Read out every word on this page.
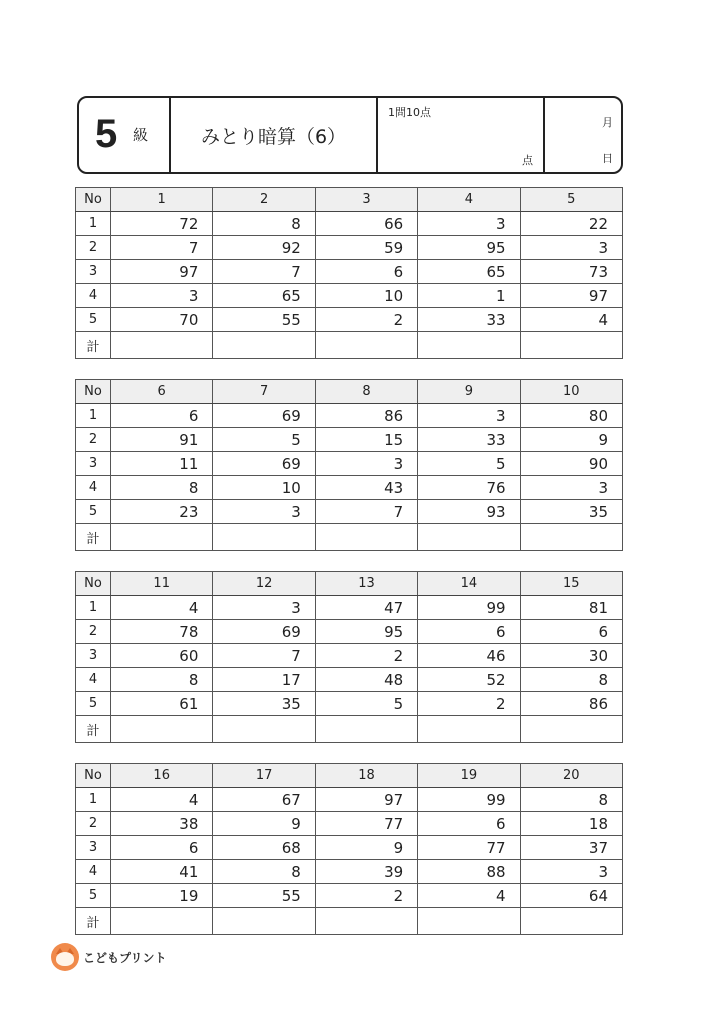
5 級	みとり暗算（6）
1問10点
点
月
日
No	1	2	3	4	5
1	72	8	66	3	22
2	7	92	59	95	3
3	97	7	6	65	73
4	3	65	10	1	97
5	70	55	2	33	4
計					
No	6	7	8	9	10
1	6	69	86	3	80
2	91	5	15	33	9
3	11	69	3	5	90
4	8	10	43	76	3
5	23	3	7	93	35
計					
No	11	12	13	14	15
1	4	3	47	99	81
2	78	69	95	6	6
3	60	7	2	46	30
4	8	17	48	52	8
5	61	35	5	2	86
計					
No	16	17	18	19	20
1	4	67	97	99	8
2	38	9	77	6	18
3	6	68	9	77	37
4	41	8	39	88	3
5	19	55	2	4	64
計					
こどもプリント
